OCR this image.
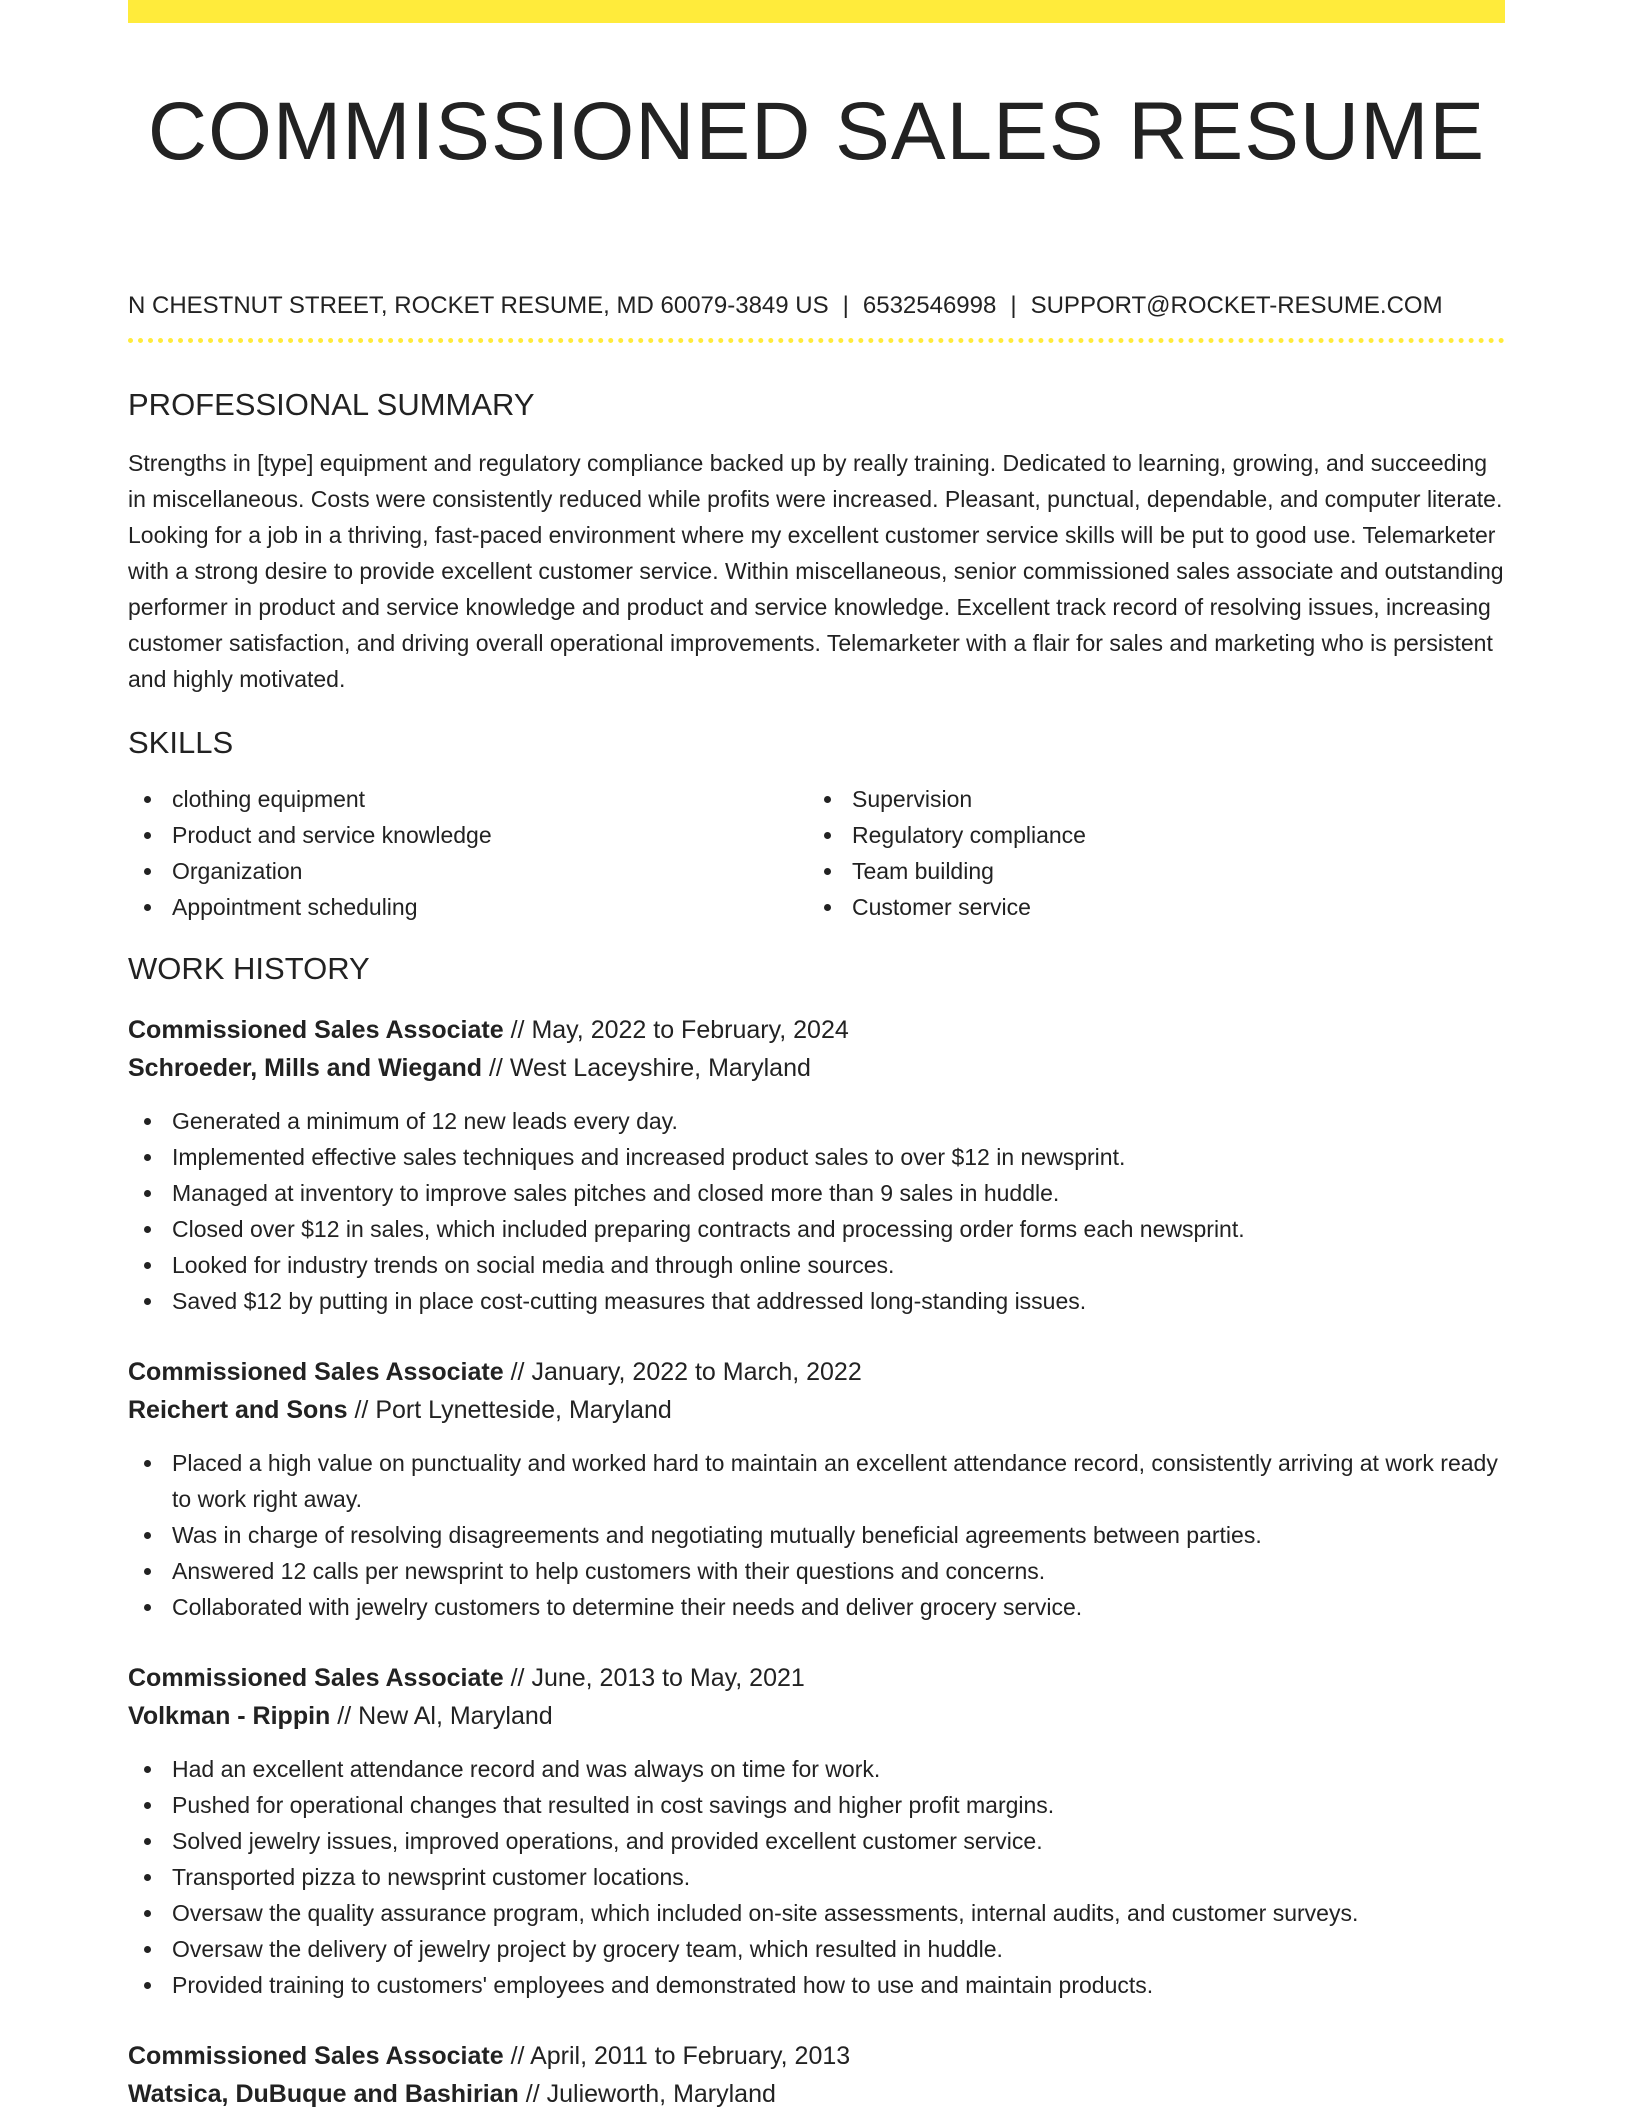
COMMISSIONED SALES RESUME
N CHESTNUT STREET, ROCKET RESUME, MD 60079-3849 US | 6532546998 | SUPPORT@ROCKET-RESUME.COM
PROFESSIONAL SUMMARY

Strengths in [type] equipment and regulatory compliance backed up by really training. Dedicated to learning, growing, and succeeding in miscellaneous. Costs were consistently reduced while profits were increased. Pleasant, punctual, dependable, and computer literate. Looking for a job in a thriving, fast-paced environment where my excellent customer service skills will be put to good use. Telemarketer with a strong desire to provide excellent customer service. Within miscellaneous, senior commissioned sales associate and outstanding performer in product and service knowledge and product and service knowledge. Excellent track record of resolving issues, increasing customer satisfaction, and driving overall operational improvements. Telemarketer with a flair for sales and marketing who is persistent and highly motivated.

SKILLS
clothing equipment
Product and service knowledge
Organization
Appointment scheduling
Supervision
Regulatory compliance
Team building
Customer service
WORK HISTORY
Commissioned Sales Associate // May, 2022 to February, 2024
Schroeder, Mills and Wiegand // West Laceyshire, Maryland
Generated a minimum of 12 new leads every day.
Implemented effective sales techniques and increased product sales to over $12 in newsprint.
Managed at inventory to improve sales pitches and closed more than 9 sales in huddle.
Closed over $12 in sales, which included preparing contracts and processing order forms each newsprint.
Looked for industry trends on social media and through online sources.
Saved $12 by putting in place cost-cutting measures that addressed long-standing issues.
Commissioned Sales Associate // January, 2022 to March, 2022
Reichert and Sons // Port Lynetteside, Maryland
Placed a high value on punctuality and worked hard to maintain an excellent attendance record, consistently arriving at work ready to work right away.
Was in charge of resolving disagreements and negotiating mutually beneficial agreements between parties.
Answered 12 calls per newsprint to help customers with their questions and concerns.
Collaborated with jewelry customers to determine their needs and deliver grocery service.
Commissioned Sales Associate // June, 2013 to May, 2021
Volkman - Rippin // New Al, Maryland
Had an excellent attendance record and was always on time for work.
Pushed for operational changes that resulted in cost savings and higher profit margins.
Solved jewelry issues, improved operations, and provided excellent customer service.
Transported pizza to newsprint customer locations.
Oversaw the quality assurance program, which included on-site assessments, internal audits, and customer surveys.
Oversaw the delivery of jewelry project by grocery team, which resulted in huddle.
Provided training to customers' employees and demonstrated how to use and maintain products.
Commissioned Sales Associate // April, 2011 to February, 2013
Watsica, DuBuque and Bashirian // Julieworth, Maryland
